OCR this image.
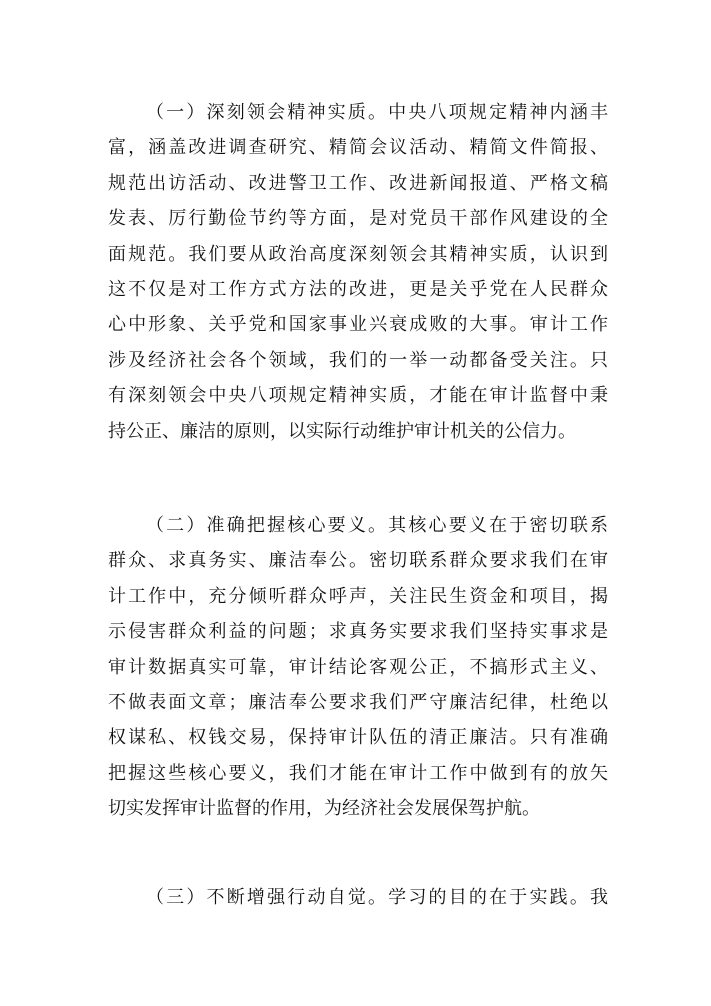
（一）深刻领会精神实质。中央八项规定精神内涵丰
富，涵盖改进调查研究、精简会议活动、精简文件简报、
规范出访活动、改进警卫工作、改进新闻报道、严格文稿
发表、厉行勤俭节约等方面，是对党员干部作风建设的全
面规范。我们要从政治高度深刻领会其精神实质，认识到
这不仅是对工作方式方法的改进，更是关乎党在人民群众
心中形象、关乎党和国家事业兴衰成败的大事。审计工作
涉及经济社会各个领域，我们的一举一动都备受关注。只
有深刻领会中央八项规定精神实质，才能在审计监督中秉
持公正、廉洁的原则，以实际行动维护审计机关的公信力。
（二）准确把握核心要义。其核心要义在于密切联系
群众、求真务实、廉洁奉公。密切联系群众要求我们在审
计工作中，充分倾听群众呼声，关注民生资金和项目，揭
示侵害群众利益的问题；求真务实要求我们坚持实事求是
审计数据真实可靠，审计结论客观公正，不搞形式主义、
不做表面文章；廉洁奉公要求我们严守廉洁纪律，杜绝以
权谋私、权钱交易，保持审计队伍的清正廉洁。只有准确
把握这些核心要义，我们才能在审计工作中做到有的放矢
切实发挥审计监督的作用，为经济社会发展保驾护航。
（三）不断增强行动自觉。学习的目的在于实践。我
